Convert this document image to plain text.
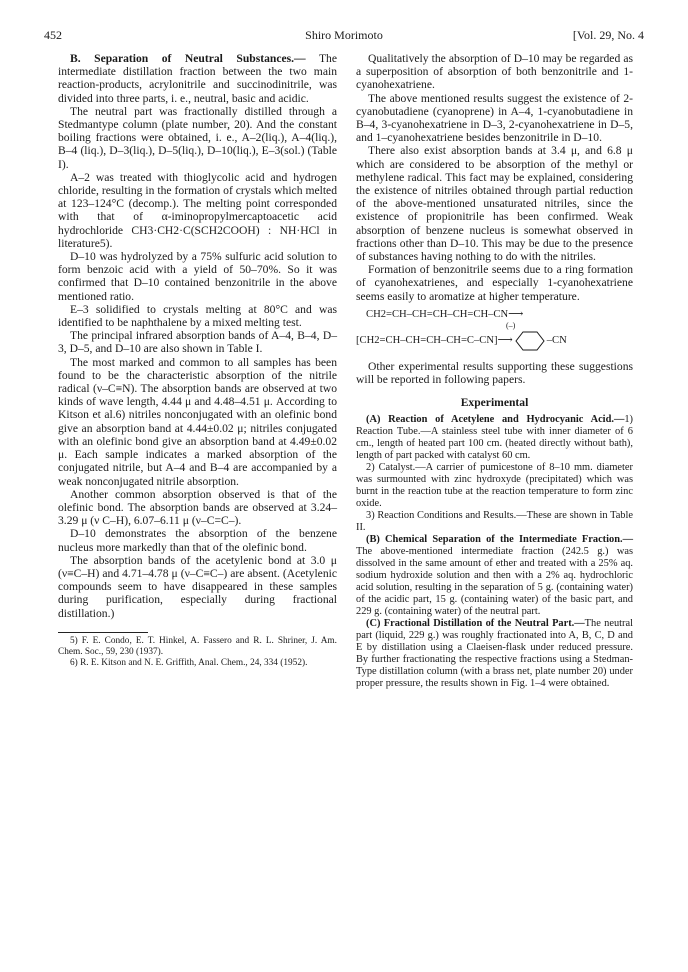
452	Shiro Morimoto	[Vol. 29, No. 4

B. Separation of Neutral Substances.— The intermediate distillation fraction between the two main reaction-products, acrylonitrile and succinodinitrile, was divided into three parts, i. e., neutral, basic and acidic.

The neutral part was fractionally distilled through a Stedmantype column (plate number, 20). And the constant boiling fractions were obtained, i. e., A–2(liq.), A–4(liq.), B–4 (liq.), D–3(liq.), D–5(liq.), D–10(liq.), E–3(sol.) (Table I).

A–2 was treated with thioglycolic acid and hydrogen chloride, resulting in the formation of crystals which melted at 123–124°C (decomp.). The melting point corresponded with that of α-iminopropylmercaptoacetic acid hydrochloride CH3·CH2·C(SCH2COOH) : NH·HCl in literature5).

D–10 was hydrolyzed by a 75% sulfuric acid solution to form benzoic acid with a yield of 50–70%. So it was confirmed that D–10 contained benzonitrile in the above mentioned ratio.

E–3 solidified to crystals melting at 80°C and was identified to be naphthalene by a mixed melting test.

The principal infrared absorption bands of A–4, B–4, D–3, D–5, and D–10 are also shown in Table I.

The most marked and common to all samples has been found to be the characteristic absorption of the nitrile radical (ν–C≡N). The absorption bands are observed at two kinds of wave length, 4.44 μ and 4.48–4.51 μ. According to Kitson et al.6) nitriles nonconjugated with an olefinic bond give an absorption band at 4.44±0.02 μ; nitriles conjugated with an olefinic bond give an absorption band at 4.49±0.02 μ. Each sample indicates a marked absorption of the conjugated nitrile, but A–4 and B–4 are accompanied by a weak nonconjugated nitrile absorption.

Another common absorption observed is that of the olefinic bond. The absorption bands are observed at 3.24–3.29 μ (ν C–H), 6.07–6.11 μ (ν–C=C–).

D–10 demonstrates the absorption of the benzene nucleus more markedly than that of the olefinic bond.

The absorption bands of the acetylenic bond at 3.0 μ (ν≡C–H) and 4.71–4.78 μ (ν–C≡C–) are absent. (Acetylenic compounds seem to have disappeared in these samples during purification, especially during fractional distillation.)

5) F. E. Condo, E. T. Hinkel, A. Fassero and R. L. Shriner, J. Am. Chem. Soc., 59, 230 (1937).

6) R. E. Kitson and N. E. Griffith, Anal. Chem., 24, 334 (1952).

Qualitatively the absorption of D–10 may be regarded as a superposition of absorption of both benzonitrile and 1-cyanohexatriene.

The above mentioned results suggest the existence of 2-cyanobutadiene (cyanoprene) in A–4, 1-cyanobutadiene in B–4, 3-cyanohexatriene in D–3, 2-cyanohexatriene in D–5, and 1–cyanohexatriene besides benzonitrile in D–10.

There also exist absorption bands at 3.4 μ, and 6.8 μ which are considered to be absorption of the methyl or methylene radical. This fact may be explained, considering the existence of nitriles obtained through partial reduction of the above-mentioned unsaturated nitriles, since the existence of propionitrile has been confirmed. Weak absorption of benzene nucleus is somewhat observed in fractions other than D–10. This may be due to the presence of substances having nothing to do with the nitriles.

Formation of benzonitrile seems due to a ring formation of cyanohexatrienes, and especially 1-cyanohexatriene seems easily to aromatize at higher temperature.

CH2=CH–CH=CH–CH=CH–CN⟶
(–)
[CH2=CH–CH=CH–CH=C–CN]⟶	–CN

Other experimental results supporting these suggestions will be reported in following papers.

Experimental

(A) Reaction of Acetylene and Hydrocyanic Acid.—1) Reaction Tube.—A stainless steel tube with inner diameter of 6 cm., length of heated part 100 cm. (heated directly without bath), length of part packed with catalyst 60 cm.

2) Catalyst.—A carrier of pumicestone of 8–10 mm. diameter was surmounted with zinc hydroxyde (precipitated) which was burnt in the reaction tube at the reaction temperature to form zinc oxide.

3) Reaction Conditions and Results.—These are shown in Table II.

(B) Chemical Separation of the Intermediate Fraction.—The above-mentioned intermediate fraction (242.5 g.) was dissolved in the same amount of ether and treated with a 25% aq. sodium hydroxide solution and then with a 2% aq. hydrochloric acid solution, resulting in the separation of 5 g. (containing water) of the acidic part, 15 g. (containing water) of the basic part, and 229 g. (containing water) of the neutral part.

(C) Fractional Distillation of the Neutral Part.—The neutral part (liquid, 229 g.) was roughly fractionated into A, B, C, D and E by distillation using a Claeisen-flask under reduced pressure. By further fractionating the respective fractions using a Stedman-Type distillation column (with a brass net, plate number 20) under proper pressure, the results shown in Fig. 1–4 were obtained.
